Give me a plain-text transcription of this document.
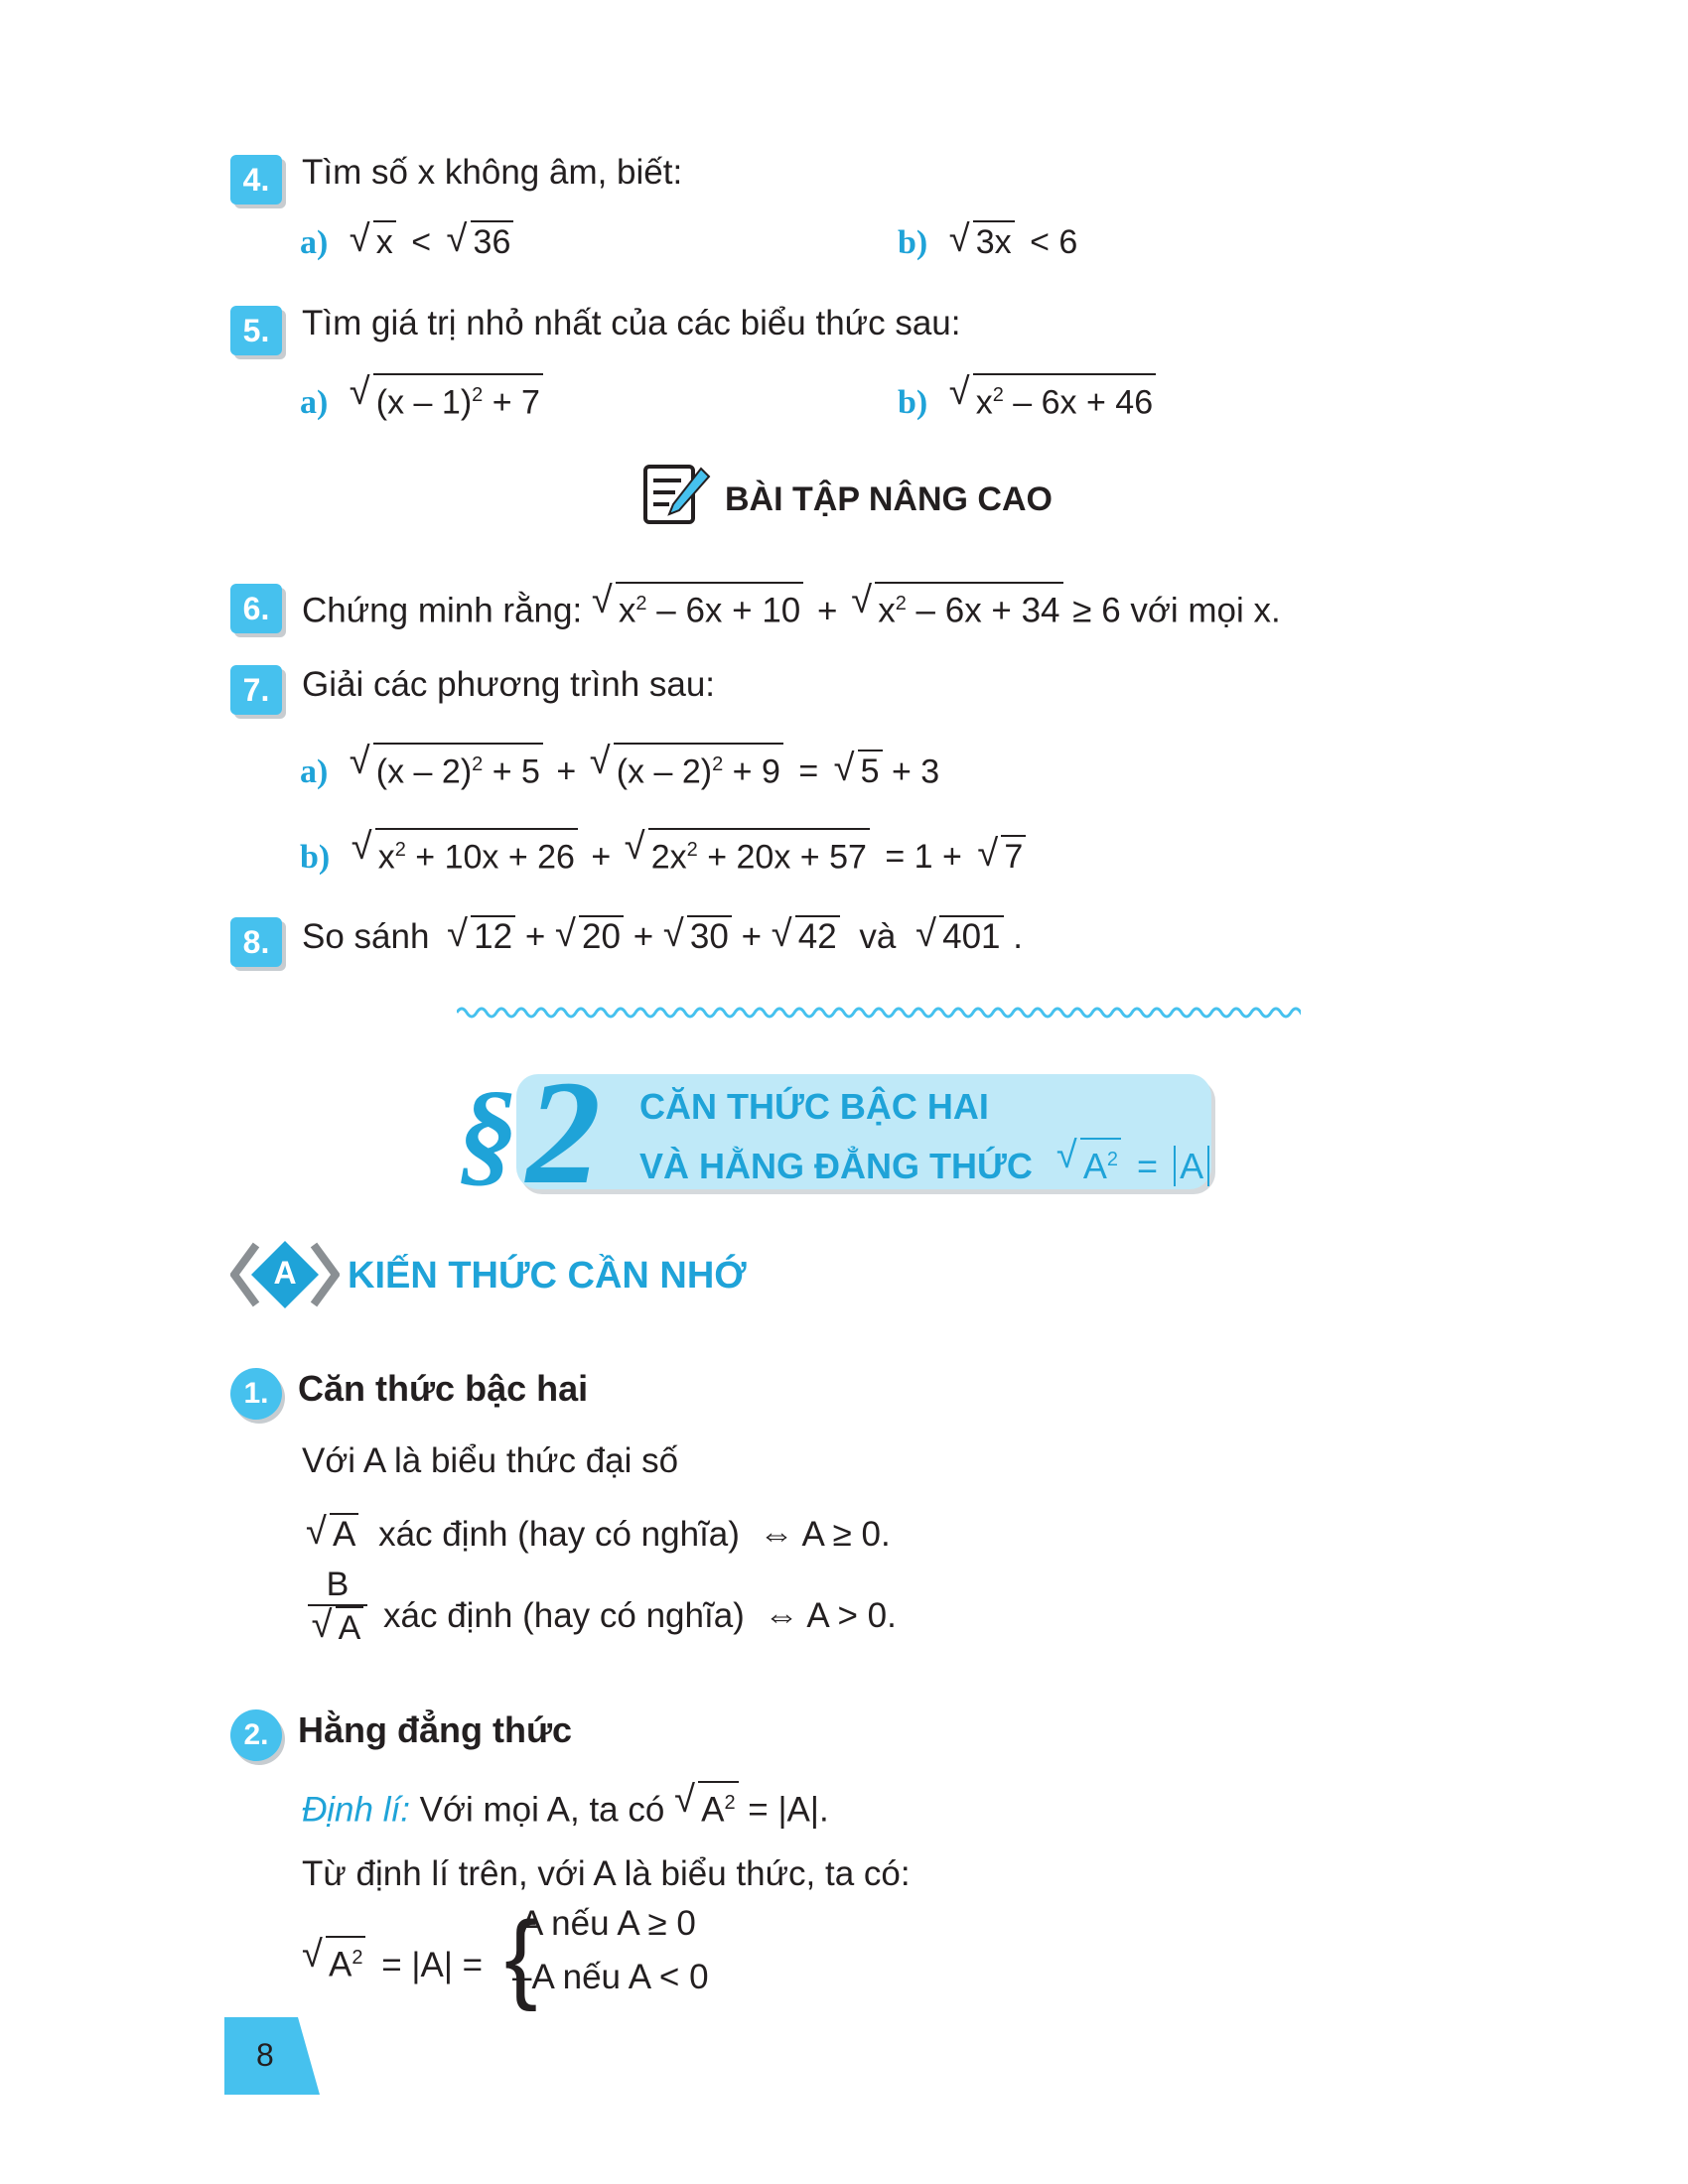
4. Tìm số x không âm, biết:
a) √ x < √ 36	b) √ 3x < 6
5. Tìm giá trị nhỏ nhất của các biểu thức sau:
a) √ (x – 1)$^2$ + 7	b) √ $x^2 - 6x + 46$
BÀI TẬP NÂNG CAO
6. Chứng minh rằng: √ $x^2 - 6x + 10$ + √ $x^2 - 6x + 34 \ge 6$ với mọi x.
7. Giải các phương trình sau:
a) √ (x – 2)$^2$ + 5 + √ (x – 2)$^2$ + 9 = √ 5 + 3
b) √ $x^2 + 10x + 26$ + √ $2x^2 + 20x + 57 = 1$ + √ 7
8. So sánh √ 12 + √ 20 + √ 30 + √ 42 và √ 401 .
§ 2 CĂN THỨC BẬC HAI
VÀ HẰNG ĐẲNG THỨC √ $A^2 = A$
A KIẾN THỨC CẦN NHỚ
1. Căn thức bậc hai
Với A là biểu thức đại số
√ A xác định (hay có nghĩa) ⇔ A ≥ 0.
B
√ A xác định (hay có nghĩa) ⇔ A > 0.
2. Hằng đẳng thức
Định lí: Với mọi A, ta có √ $A^2 = |A|$.
Từ định lí trên, với A là biểu thức, ta có:
√ $A^2 = |A|$ = {
A nếu A ≥ 0
–A nếu A < 0
8
